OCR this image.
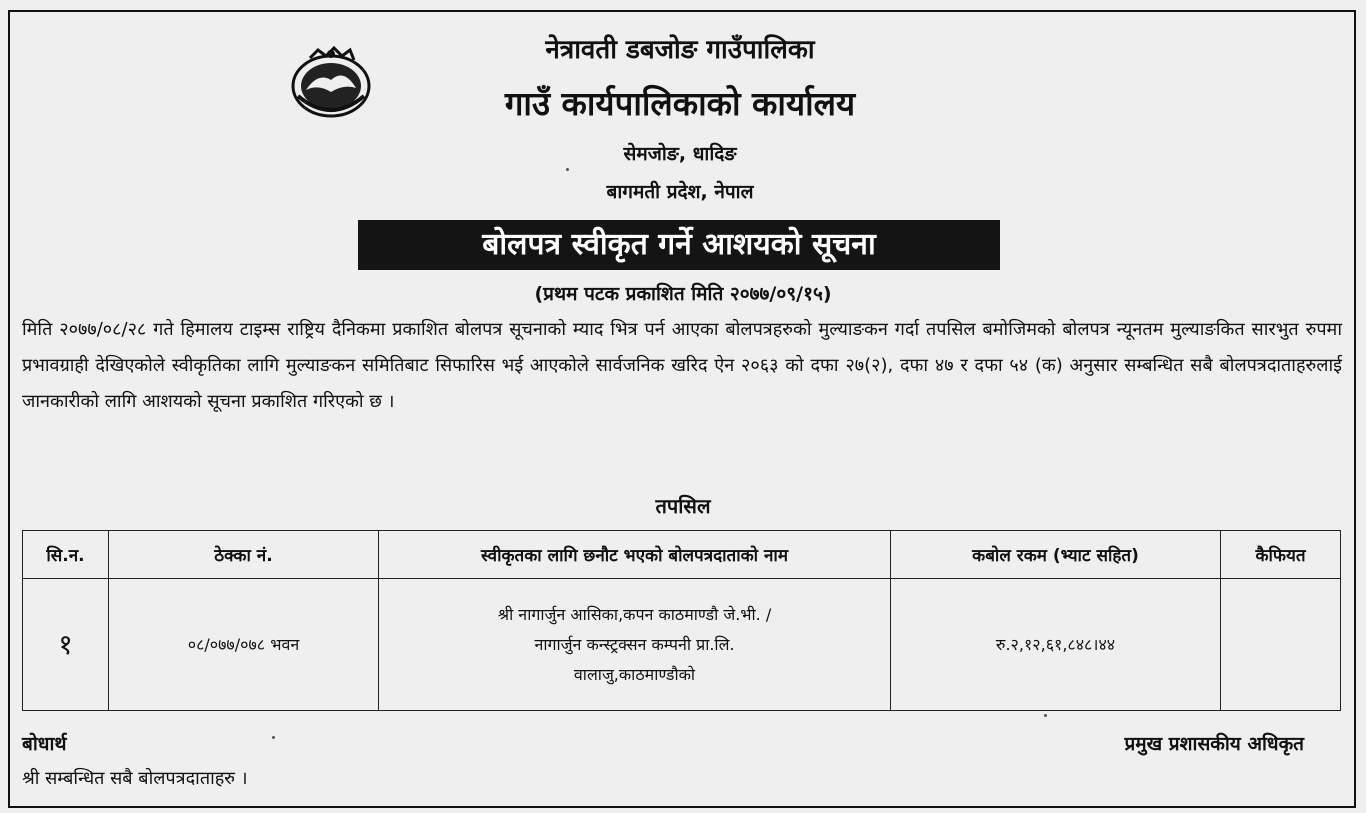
नेत्रावती डबजोङ गाउँपालिका
गाउँ कार्यपालिकाको कार्यालय
सेमजोङ, धादिङ
बागमती प्रदेश, नेपाल
बोलपत्र स्वीकृत गर्ने आशयको सूचना
(प्रथम पटक प्रकाशित मिति २०७७/०९/१५)
मिति २०७७/०८/२८ गते हिमालय टाइम्स राष्ट्रिय दैनिकमा प्रकाशित बोलपत्र सूचनाको म्याद भित्र पर्न आएका बोलपत्रहरुको मुल्याङकन गर्दा तपसिल बमोजिमको बोलपत्र न्यूनतम मुल्याङकित सारभुत रुपमा प्रभावग्राही देखिएकोले स्वीकृतिका लागि मुल्याङकन समितिबाट सिफारिस भई आएकोले सार्वजनिक खरिद ऐन २०६३ को दफा २७(२), दफा ४७ र दफा ५४ (क) अनुसार सम्बन्धित सबै बोलपत्रदाताहरुलाई जानकारीको लागि आशयको सूचना प्रकाशित गरिएको छ ।
तपसिल
सि.न.	ठेक्का नं.	स्वीकृतका लागि छनौट भएको बोलपत्रदाताको नाम	कबोल रकम (भ्याट सहित)	कैफियत
१	०८/०७७/०७८ भवन	श्री नागार्जुन आसिका,कपन काठमाण्डौ जे.भी. /
नागार्जुन कन्स्ट्रक्सन कम्पनी प्रा.लि.
वालाजु,काठमाण्डौको	रु.२,१२,६१,८४८।४४	
बोधार्थ
श्री सम्बन्धित सबै बोलपत्रदाताहरु ।
प्रमुख प्रशासकीय अधिकृत
